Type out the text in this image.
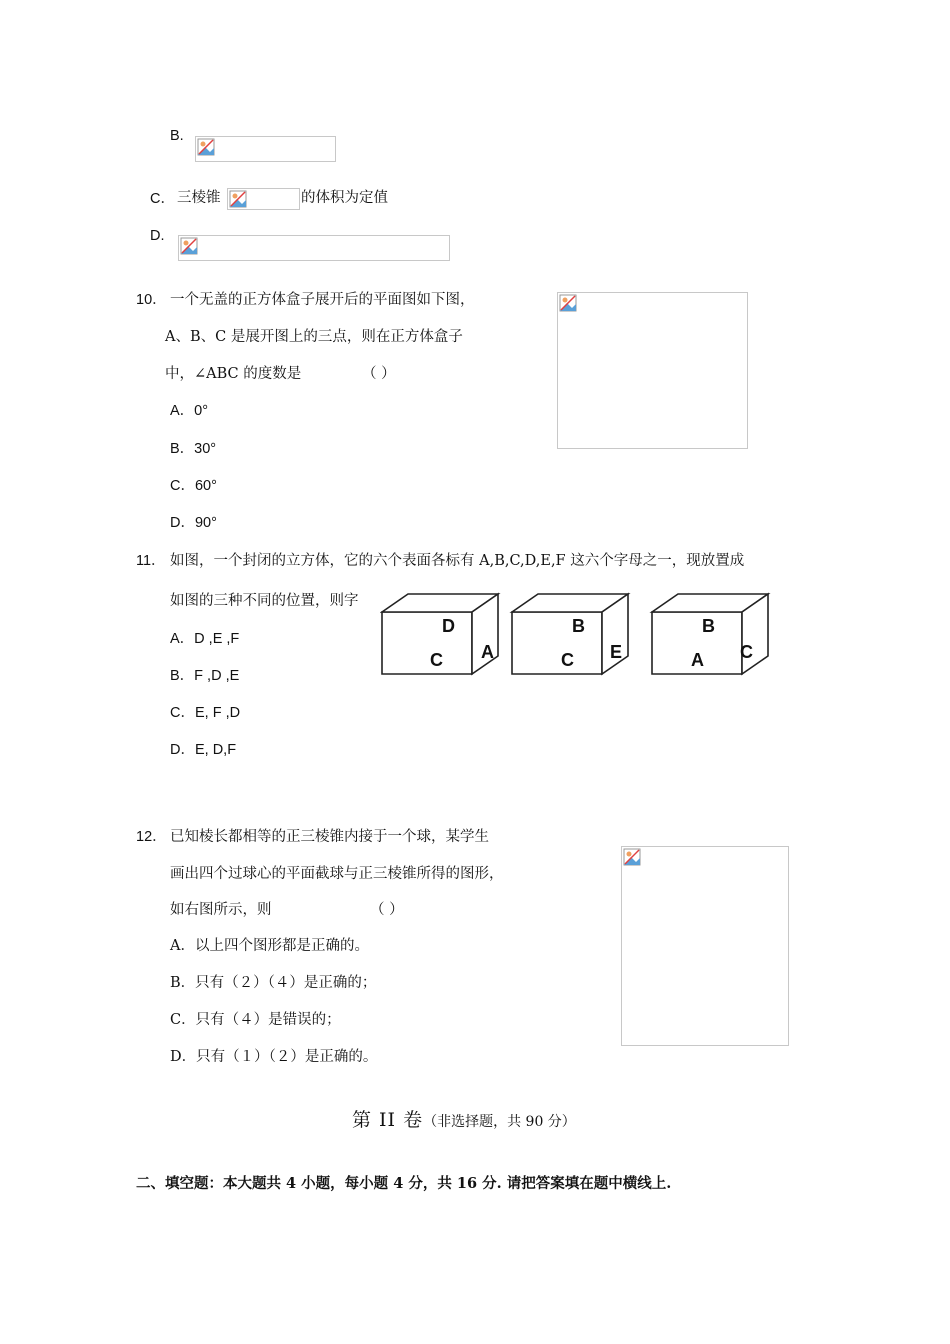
B.
C． 三棱锥	的体积为定值
D.
10． 一个无盖的正方体盒子展开后的平面图如下图，
A、B、C 是展开图上的三点，则在正方体盒子
中，∠ABC 的度数是	（ ）
A．0°
B．30°
C．60°
D．90°
11． 如图，一个封闭的立方体，它的六个表面各标有 A,B,C,D,E,F 这六个字母之一，现放置成
如图的三种不同的位置，则字
A．D ,E ,F
B．F ,D ,E
C．E, F ,D
D．E, D,F
D
C A
B
C E
B
A C
12． 已知棱长都相等的正三棱锥内接于一个球，某学生
画出四个过球心的平面截球与正三棱锥所得的图形，
如右图所示，则	（ ）
A．以上四个图形都是正确的。
B．只有（２）（４）是正确的；
C．只有（４）是错误的；
D．只有（１）（２）是正确的。
第 II 卷（非选择题，共 90 分）
二、填空题：本大题共 4 小题，每小题 4 分，共 16 分. 请把答案填在题中横线上.
